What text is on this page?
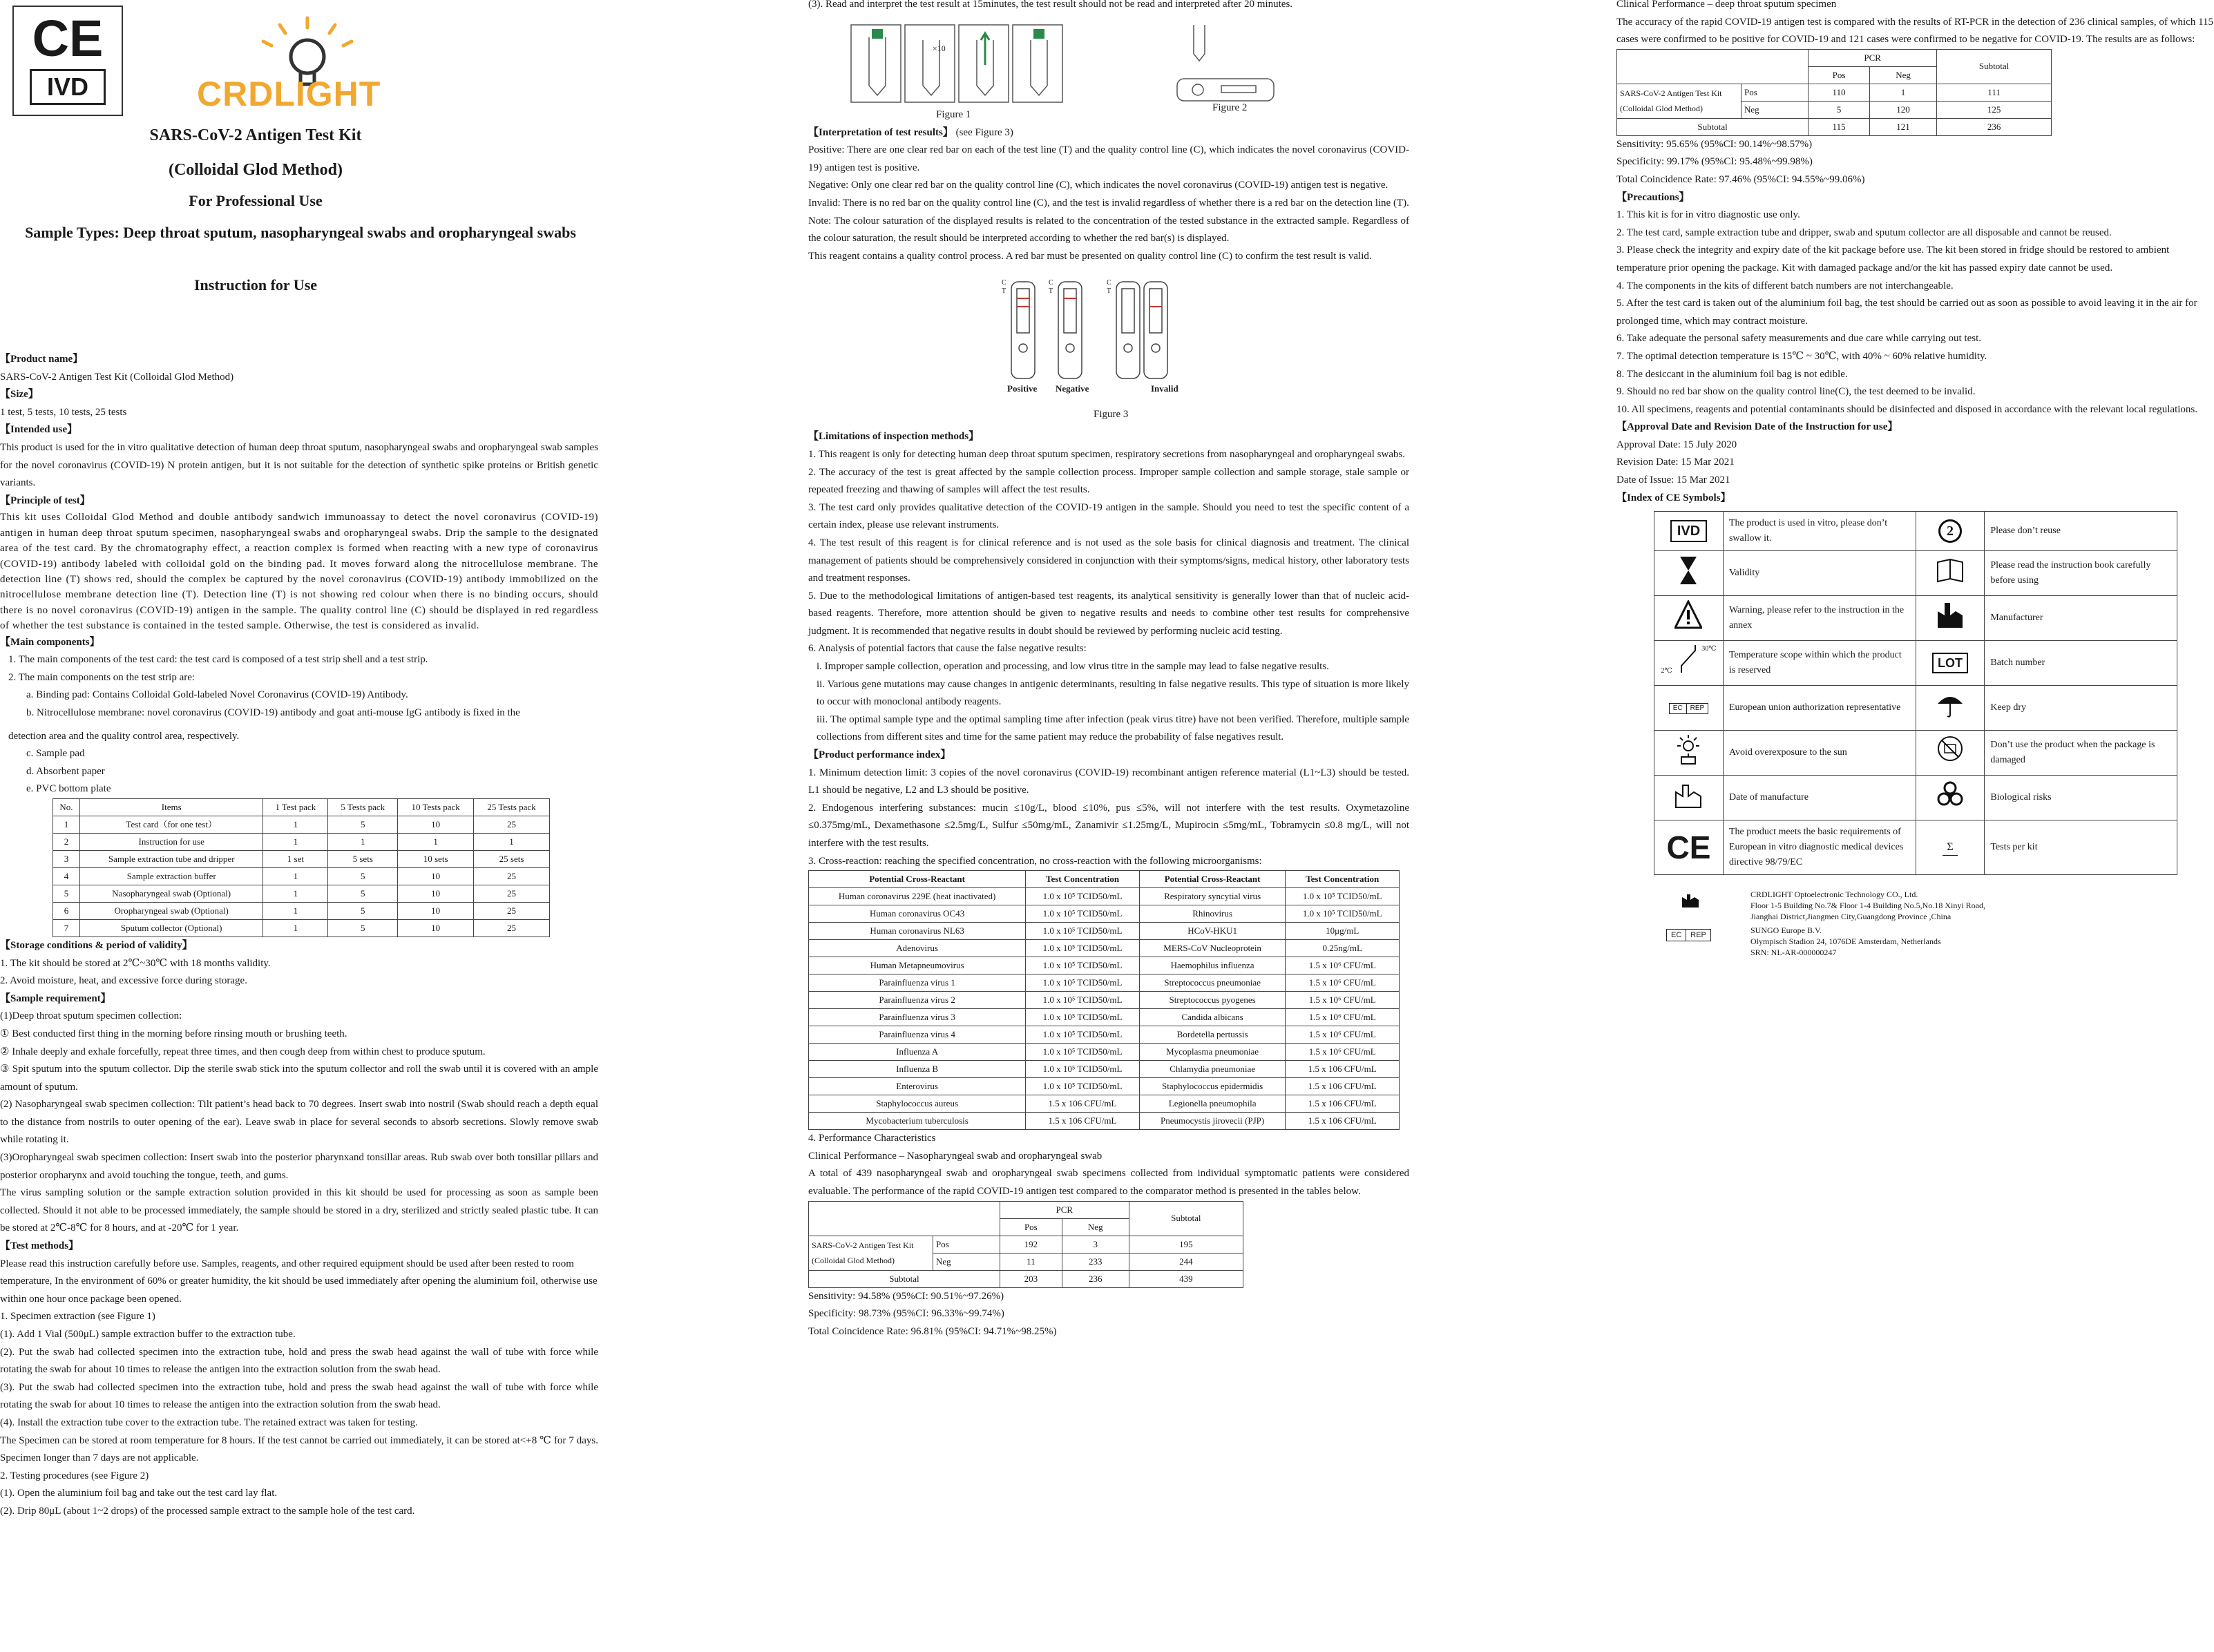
CE
IVD	CRDLIGHT
SARS-CoV-2 Antigen Test Kit
(Colloidal Glod Method)
For Professional Use
Sample Types: Deep throat sputum, nasopharyngeal swabs and oropharyngeal swabs
Instruction for Use

【Product name】

SARS-CoV-2 Antigen Test Kit (Colloidal Glod Method)

【Size】

1 test, 5 tests, 10 tests, 25 tests

【Intended use】

This product is used for the in vitro qualitative detection of human deep throat sputum, nasopharyngeal swabs and oropharyngeal swab samples for the novel coronavirus (COVID-19) N protein antigen, but it is not suitable for the detection of synthetic spike proteins or British genetic variants.

【Principle of test】

This kit uses Colloidal Glod Method and double antibody sandwich immunoassay to detect the novel coronavirus (COVID-19) antigen in human deep throat sputum specimen, nasopharyngeal swabs and oropharyngeal swabs. Drip the sample to the designated area of the test card. By the chromatography effect, a reaction complex is formed when reacting with a new type of coronavirus (COVID-19) antibody labeled with colloidal gold on the binding pad. It moves forward along the nitrocellulose membrane. The detection line (T) shows red, should the complex be captured by the novel coronavirus (COVID-19) antibody immobilized on the nitrocellulose membrane detection line (T). Detection line (T) is not showing red colour when there is no binding occurs, should there is no novel coronavirus (COVID-19) antigen in the sample. The quality control line (C) should be displayed in red regardless of whether the test substance is contained in the tested sample. Otherwise, the test is considered as invalid.

【Main components】

1. The main components of the test card: the test card is composed of a test strip shell and a test strip.

2. The main components on the test strip are:

a. Binding pad: Contains Colloidal Gold-labeled Novel Coronavirus (COVID-19) Antibody.

b. Nitrocellulose membrane: novel coronavirus (COVID-19) antibody and goat anti-mouse IgG antibody is fixed in the

detection area and the quality control area, respectively.

c. Sample pad

d. Absorbent paper

e. PVC bottom plate

No.	Items	1 Test pack	5 Tests pack	10 Tests pack	25 Tests pack
1	Test card（for one test）	1	5	10	25
2	Instruction for use	1	1	1	1
3	Sample extraction tube and dripper	1 set	5 sets	10 sets	25 sets
4	Sample extraction buffer	1	5	10	25
5	Nasopharyngeal swab (Optional)	1	5	10	25
6	Oropharyngeal swab (Optional)	1	5	10	25
7	Sputum collector (Optional)	1	5	10	25

【Storage conditions & period of validity】

1. The kit should be stored at 2℃~30℃ with 18 months validity.

2. Avoid moisture, heat, and excessive force during storage.

【Sample requirement】

(1)Deep throat sputum specimen collection:

① Best conducted first thing in the morning before rinsing mouth or brushing teeth.

② Inhale deeply and exhale forcefully, repeat three times, and then cough deep from within chest to produce sputum.

③ Spit sputum into the sputum collector. Dip the sterile swab stick into the sputum collector and roll the swab until it is covered with an ample amount of sputum.

(2) Nasopharyngeal swab specimen collection: Tilt patient’s head back to 70 degrees. Insert swab into nostril (Swab should reach a depth equal to the distance from nostrils to outer opening of the ear). Leave swab in place for several seconds to absorb secretions. Slowly remove swab while rotating it.

(3)Oropharyngeal swab specimen collection: Insert swab into the posterior pharynxand tonsillar areas. Rub swab over both tonsillar pillars and posterior oropharynx and avoid touching the tongue, teeth, and gums.

The virus sampling solution or the sample extraction solution provided in this kit should be used for processing as soon as sample been collected. Should it not able to be processed immediately, the sample should be stored in a dry, sterilized and strictly sealed plastic tube. It can be stored at 2℃-8℃ for 8 hours, and at -20℃ for 1 year.

【Test methods】

Please read this instruction carefully before use. Samples, reagents, and other required equipment should be used after been rested to room temperature, In the environment of 60% or greater humidity, the kit should be used immediately after opening the aluminium foil, otherwise use within one hour once package been opened.

1. Specimen extraction (see Figure 1)

(1). Add 1 Vial (500μL) sample extraction buffer to the extraction tube.

(2). Put the swab had collected specimen into the extraction tube, hold and press the swab head against the wall of tube with force while rotating the swab for about 10 times to release the antigen into the extraction solution from the swab head.

(3). Put the swab had collected specimen into the extraction tube, hold and press the swab head against the wall of tube with force while rotating the swab for about 10 times to release the antigen into the extraction solution from the swab head.

(4). Install the extraction tube cover to the extraction tube. The retained extract was taken for testing.

The Specimen can be stored at room temperature for 8 hours. If the test cannot be carried out immediately, it can be stored at<+8 ℃ for 7 days. Specimen longer than 7 days are not applicable.

2. Testing procedures (see Figure 2)

(1). Open the aluminium foil bag and take out the test card lay flat.

(2). Drip 80μL (about 1~2 drops) of the processed sample extract to the sample hole of the test card.

(3). Read and interpret the test result at 15minutes, the test result should not be read and interpreted after 20 minutes.

×10
Figure 1
Figure 2

【Interpretation of test results】 (see Figure 3)

Positive: There are one clear red bar on each of the test line (T) and the quality control line (C), which indicates the novel coronavirus (COVID-19) antigen test is positive.

Negative: Only one clear red bar on the quality control line (C), which indicates the novel coronavirus (COVID-19) antigen test is negative.

Invalid: There is no red bar on the quality control line (C), and the test is invalid regardless of whether there is a red bar on the detection line (T).

Note: The colour saturation of the displayed results is related to the concentration of the tested substance in the extracted sample. Regardless of the colour saturation, the result should be interpreted according to whether the red bar(s) is displayed.

This reagent contains a quality control process. A red bar must be presented on quality control line (C) to confirm the test result is valid.

C
T
C
T
C
T
Positive Negative	Invalid
Figure 3

【Limitations of inspection methods】

1. This reagent is only for detecting human deep throat sputum specimen, respiratory secretions from nasopharyngeal and oropharyngeal swabs.

2. The accuracy of the test is great affected by the sample collection process. Improper sample collection and sample storage, stale sample or repeated freezing and thawing of samples will affect the test results.

3. The test card only provides qualitative detection of the COVID-19 antigen in the sample. Should you need to test the specific content of a certain index, please use relevant instruments.

4. The test result of this reagent is for clinical reference and is not used as the sole basis for clinical diagnosis and treatment. The clinical management of patients should be comprehensively considered in conjunction with their symptoms/signs, medical history, other laboratory tests and treatment responses.

5. Due to the methodological limitations of antigen-based test reagents, its analytical sensitivity is generally lower than that of nucleic acid-based reagents. Therefore, more attention should be given to negative results and needs to combine other test results for comprehensive judgment. It is recommended that negative results in doubt should be reviewed by performing nucleic acid testing.

6. Analysis of potential factors that cause the false negative results:

i. Improper sample collection, operation and processing, and low virus titre in the sample may lead to false negative results.

ii. Various gene mutations may cause changes in antigenic determinants, resulting in false negative results. This type of situation is more likely to occur with monoclonal antibody reagents.

iii. The optimal sample type and the optimal sampling time after infection (peak virus titre) have not been verified. Therefore, multiple sample collections from different sites and time for the same patient may reduce the probability of false negatives result.

【Product performance index】

1. Minimum detection limit: 3 copies of the novel coronavirus (COVID-19) recombinant antigen reference material (L1~L3) should be tested. L1 should be negative, L2 and L3 should be positive.

2. Endogenous interfering substances: mucin ≤10g/L, blood ≤10%, pus ≤5%, will not interfere with the test results. Oxymetazoline ≤0.375mg/mL, Dexamethasone ≤2.5mg/L, Sulfur ≤50mg/mL, Zanamivir ≤1.25mg/L, Mupirocin ≤5mg/mL, Tobramycin ≤0.8 mg/L, will not interfere with the test results.

3. Cross-reaction: reaching the specified concentration, no cross-reaction with the following microorganisms:

Potential Cross-Reactant	Test Concentration	Potential Cross-Reactant	Test Concentration
Human coronavirus 229E (heat inactivated)	1.0 x 10⁵ TCID50/mL	Respiratory syncytial virus	1.0 x 10⁵ TCID50/mL
Human coronavirus OC43	1.0 x 10⁵ TCID50/mL	Rhinovirus	1.0 x 10⁵ TCID50/mL
Human coronavirus NL63	1.0 x 10⁵ TCID50/mL	HCoV-HKU1	10μg/mL
Adenovirus	1.0 x 10⁵ TCID50/mL	MERS-CoV Nucleoprotein	0.25ng/mL
Human Metapneumovirus	1.0 x 10⁵ TCID50/mL	Haemophilus influenza	1.5 x 10⁶ CFU/mL
Parainfluenza virus 1	1.0 x 10⁵ TCID50/mL	Streptococcus pneumoniae	1.5 x 10⁶ CFU/mL
Parainfluenza virus 2	1.0 x 10⁵ TCID50/mL	Streptococcus pyogenes	1.5 x 10⁶ CFU/mL
Parainfluenza virus 3	1.0 x 10⁵ TCID50/mL	Candida albicans	1.5 x 10⁶ CFU/mL
Parainfluenza virus 4	1.0 x 10⁵ TCID50/mL	Bordetella pertussis	1.5 x 10⁶ CFU/mL
Influenza A	1.0 x 10⁵ TCID50/mL	Mycoplasma pneumoniae	1.5 x 10⁶ CFU/mL
Influenza B	1.0 x 10⁵ TCID50/mL	Chlamydia pneumoniae	1.5 x 106 CFU/mL
Enterovirus	1.0 x 10⁵ TCID50/mL	Staphylococcus epidermidis	1.5 x 106 CFU/mL
Staphylococcus aureus	1.5 x 106 CFU/mL	Legionella pneumophila	1.5 x 106 CFU/mL
Mycobacterium tuberculosis	1.5 x 106 CFU/mL	Pneumocystis jirovecii (PJP)	1.5 x 106 CFU/mL

4. Performance Characteristics

Clinical Performance – Nasopharyngeal swab and oropharyngeal swab

A total of 439 nasopharyngeal swab and oropharyngeal swab specimens collected from individual symptomatic patients were considered evaluable. The performance of the rapid COVID-19 antigen test compared to the comparator method is presented in the tables below.

		PCR		Subtotal
		Pos	Neg	

SARS-CoV-2 Antigen Test Kit
(Colloidal Glod Method)	Pos	192	3	195
	Neg	11	233	244
Subtotal		203	236	439

Sensitivity: 94.58% (95%CI: 90.51%~97.26%)

Specificity: 98.73% (95%CI: 96.33%~99.74%)

Total Coincidence Rate: 96.81% (95%CI: 94.71%~98.25%)

Clinical Performance – deep throat sputum specimen

The accuracy of the rapid COVID-19 antigen test is compared with the results of RT-PCR in the detection of 236 clinical samples, of which 115 cases were confirmed to be positive for COVID-19 and 121 cases were confirmed to be negative for COVID-19. The results are as follows:

		PCR		Subtotal
		Pos	Neg	

SARS-CoV-2 Antigen Test Kit
(Colloidal Glod Method)	Pos	110	1	111
	Neg	5	120	125
Subtotal		115	121	236

Sensitivity: 95.65% (95%CI: 90.14%~98.57%)

Specificity: 99.17% (95%CI: 95.48%~99.98%)

Total Coincidence Rate: 97.46% (95%CI: 94.55%~99.06%)

【Precautions】

1. This kit is for in vitro diagnostic use only.

2. The test card, sample extraction tube and dripper, swab and sputum collector are all disposable and cannot be reused.

3. Please check the integrity and expiry date of the kit package before use. The kit been stored in fridge should be restored to ambient temperature prior opening the package. Kit with damaged package and/or the kit has passed expiry date cannot be used.

4. The components in the kits of different batch numbers are not interchangeable.

5. After the test card is taken out of the aluminium foil bag, the test should be carried out as soon as possible to avoid leaving it in the air for prolonged time, which may contract moisture.

6. Take adequate the personal safety measurements and due care while carrying out test.

7. The optimal detection temperature is 15℃ ~ 30℃, with 40% ~ 60% relative humidity.

8. The desiccant in the aluminium foil bag is not edible.

9. Should no red bar show on the quality control line(C), the test deemed to be invalid.

10. All specimens, reagents and potential contaminants should be disinfected and disposed in accordance with the relevant local regulations.

【Approval Date and Revision Date of the Instruction for use】

Approval Date: 15 July 2020

Revision Date: 15 Mar 2021

Date of Issue: 15 Mar 2021

【Index of CE Symbols】

IVD	The product is used in vitro, please don’t swallow it.	2	Please don’t reuse
	Validity		Please read the instruction book carefully before using
	Warning, please refer to the instruction in the annex		Manufacturer

30℃
2℃	Temperature scope within which the product is reserved	LOT	Batch number

EC REP	European union authorization representative		Keep dry
	Avoid overexposure to the sun		Don’t use the product when the package is damaged
	Date of manufacture		Biological risks
CE	The product meets the basic requirements of European in vitro diagnostic medical devices directive 98/79/EC	Σ	Tests per kit
CRDLIGHT Optoelectronic Technology CO., Ltd.
Floor 1-5 Building No.7& Floor 1-4 Building No.5,No.18 Xinyi Road,
Jianghai District,Jiangmen City,Guangdong Province ,China
EC	REP	SUNGO Europe B.V.
Olympisch Stadion 24, 1076DE Amsterdam, Netherlands
SRN: NL-AR-000000247
